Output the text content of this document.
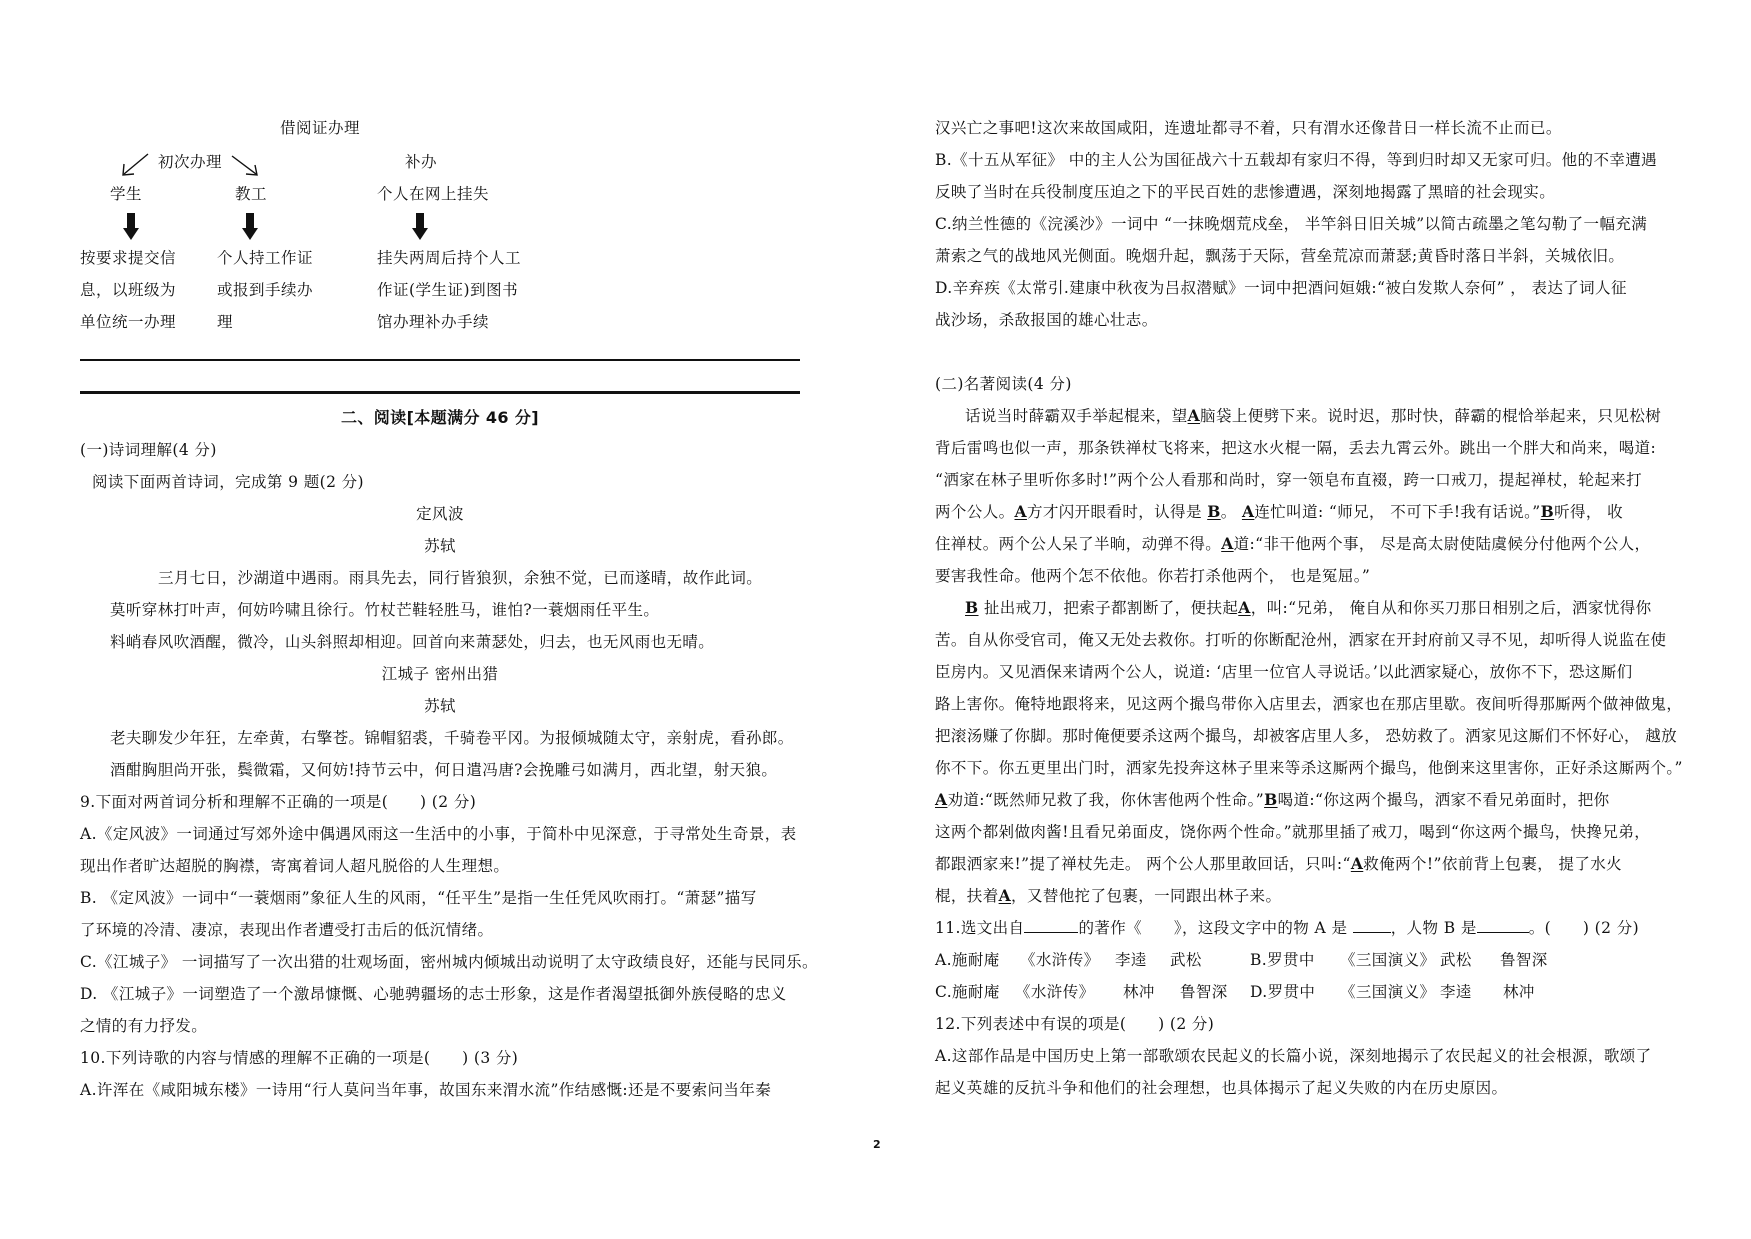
借阅证办理
初次办理	补办
学生	教工	个人在网上挂失
按要求提交信
息，以班级为
单位统一办理
个人持工作证
或报到手续办
理
挂失两周后持个人工
作证(学生证)到图书
馆办理补办手续
二、阅读[本题满分 46 分]
(一)诗词理解(4 分)
阅读下面两首诗词，完成第 9 题(2 分)
定风波
苏轼
三月七日，沙湖道中遇雨。雨具先去，同行皆狼狈，余独不觉，已而遂晴，故作此词。
莫听穿林打叶声，何妨吟啸且徐行。竹杖芒鞋轻胜马，谁怕?一蓑烟雨任平生。
料峭春风吹酒醒，微冷，山头斜照却相迎。回首向来萧瑟处，归去，也无风雨也无晴。
江城子 密州出猎
苏轼
老夫聊发少年狂，左牵黄，右擎苍。锦帽貂裘，千骑卷平冈。为报倾城随太守，亲射虎，看孙郎。
酒酣胸胆尚开张，鬓微霜，又何妨!持节云中，何日遣冯唐?会挽雕弓如满月，西北望，射天狼。
9.下面对两首词分析和理解不正确的一项是(　　) (2 分)
A.《定风波》一词通过写郊外途中偶遇风雨这一生活中的小事，于简朴中见深意，于寻常处生奇景，表
现出作者旷达超脱的胸襟，寄寓着词人超凡脱俗的人生理想。
B. 《定风波》一词中“一蓑烟雨”象征人生的风雨，“任平生”是指一生任凭风吹雨打。“萧瑟”描写
了环境的冷清、凄凉，表现出作者遭受打击后的低沉情绪。
C.《江城子》 一词描写了一次出猎的壮观场面，密州城内倾城出动说明了太守政绩良好，还能与民同乐。
D. 《江城子》一词塑造了一个激昂慷慨、心驰骋疆场的志士形象，这是作者渴望抵御外族侵略的忠义
之情的有力抒发。
10.下列诗歌的内容与情感的理解不正确的一项是(　　) (3 分)
A.许浑在《咸阳城东楼》一诗用“行人莫问当年事，故国东来渭水流”作结感慨:还是不要索问当年秦
汉兴亡之事吧!这次来故国咸阳，连遗址都寻不着，只有渭水还像昔日一样长流不止而已。
B.《十五从军征》 中的主人公为国征战六十五载却有家归不得，等到归时却又无家可归。他的不幸遭遇
反映了当时在兵役制度压迫之下的平民百姓的悲惨遭遇，深刻地揭露了黑暗的社会现实。
C.纳兰性德的《浣溪沙》一词中 “一抹晚烟荒戍垒， 半竿斜日旧关城”以简古疏墨之笔勾勒了一幅充满
萧索之气的战地风光侧面。晚烟升起，飘荡于天际，营垒荒凉而萧瑟;黄昏时落日半斜，关城依旧。
D.辛弃疾《太常引.建康中秋夜为吕叔潜赋》一词中把酒问姮娥:“被白发欺人奈何” ， 表达了词人征
战沙场，杀敌报国的雄心壮志。
(二)名著阅读(4 分)
话说当时薛霸双手举起棍来，望A脑袋上便劈下来。说时迟，那时快，薛霸的棍恰举起来，只见松树
背后雷鸣也似一声，那条铁禅杖飞将来，把这水火棍一隔，丢去九霄云外。跳出一个胖大和尚来，喝道:
“洒家在林子里听你多时!”两个公人看那和尚时，穿一领皂布直裰，跨一口戒刀，提起禅杖，轮起来打
两个公人。A方才闪开眼看时，认得是 B。 A连忙叫道: “师兄， 不可下手!我有话说。”B听得， 收
住禅杖。两个公人呆了半晌，动弹不得。A道:“非干他两个事， 尽是高太尉使陆虞候分付他两个公人，
要害我性命。他两个怎不依他。你若打杀他两个， 也是冤屈。”
B 扯出戒刀，把索子都割断了，便扶起A，叫:“兄弟， 俺自从和你买刀那日相别之后，洒家忧得你
苦。自从你受官司，俺又无处去救你。打听的你断配沧州，洒家在开封府前又寻不见，却听得人说监在使
臣房内。又见酒保来请两个公人，说道: ‘店里一位官人寻说话。’以此洒家疑心，放你不下，恐这厮们
路上害你。俺特地跟将来，见这两个撮鸟带你入店里去，洒家也在那店里歇。夜间听得那厮两个做神做鬼，
把滚汤赚了你脚。那时俺便要杀这两个撮鸟，却被客店里人多， 恐妨救了。洒家见这厮们不怀好心， 越放
你不下。你五更里出门时，洒家先投奔这林子里来等杀这厮两个撮鸟，他倒来这里害你，正好杀这厮两个。”
A劝道:“既然师兄救了我，你休害他两个性命。”B喝道:“你这两个撮鸟，洒家不看兄弟面时，把你
这两个都剁做肉酱!且看兄弟面皮，饶你两个性命。”就那里插了戒刀，喝到“你这两个撮鸟，快搀兄弟，
都跟洒家来!”提了禅杖先走。 两个公人那里敢回话，只叫:“A救俺两个!”依前背上包裹， 提了水火
棍，扶着A，又替他拕了包裹，一同跟出林子来。
11.选文出自	的著作《　　》，这段文字中的物 A 是 ，人物 B 是	。(　　) (2 分)
A.施耐庵 《水浒传》 李逵 武松	B.罗贯中 《三国演义》 武松 鲁智深
C.施耐庵 《水浒传》 林冲 鲁智深 D.罗贯中 《三国演义》 李逵 林冲
12.下列表述中有误的项是(　　) (2 分)
A.这部作品是中国历史上第一部歌颂农民起义的长篇小说，深刻地揭示了农民起义的社会根源，歌颂了
起义英雄的反抗斗争和他们的社会理想，也具体揭示了起义失败的内在历史原因。
2
